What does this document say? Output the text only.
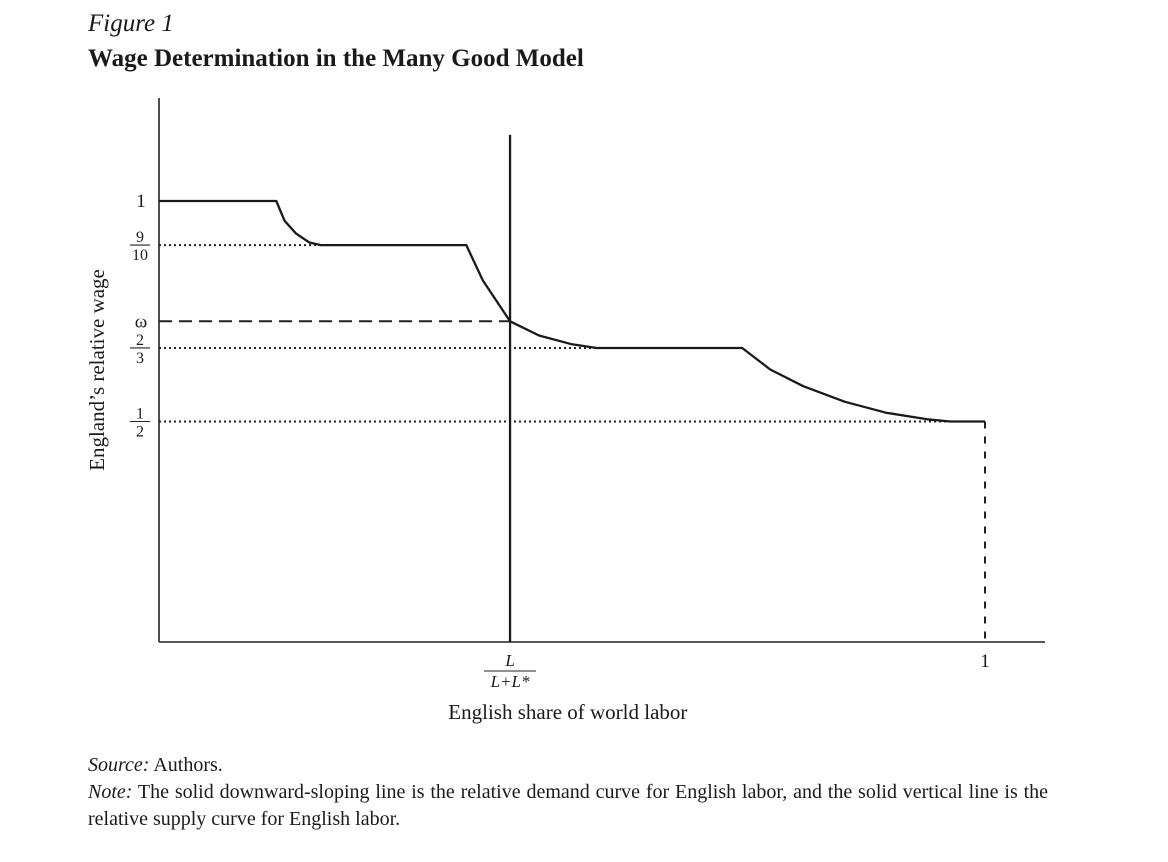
Figure 1
Wage Determination in the Many Good Model
1
9
10
ω
2
3
1
2
L
L+L*
1
English share of world labor
England’s relative wage
Source: Authors.
Note: The solid downward-sloping line is the relative demand curve for English labor, and the solid vertical line is the relative supply curve for English labor.
